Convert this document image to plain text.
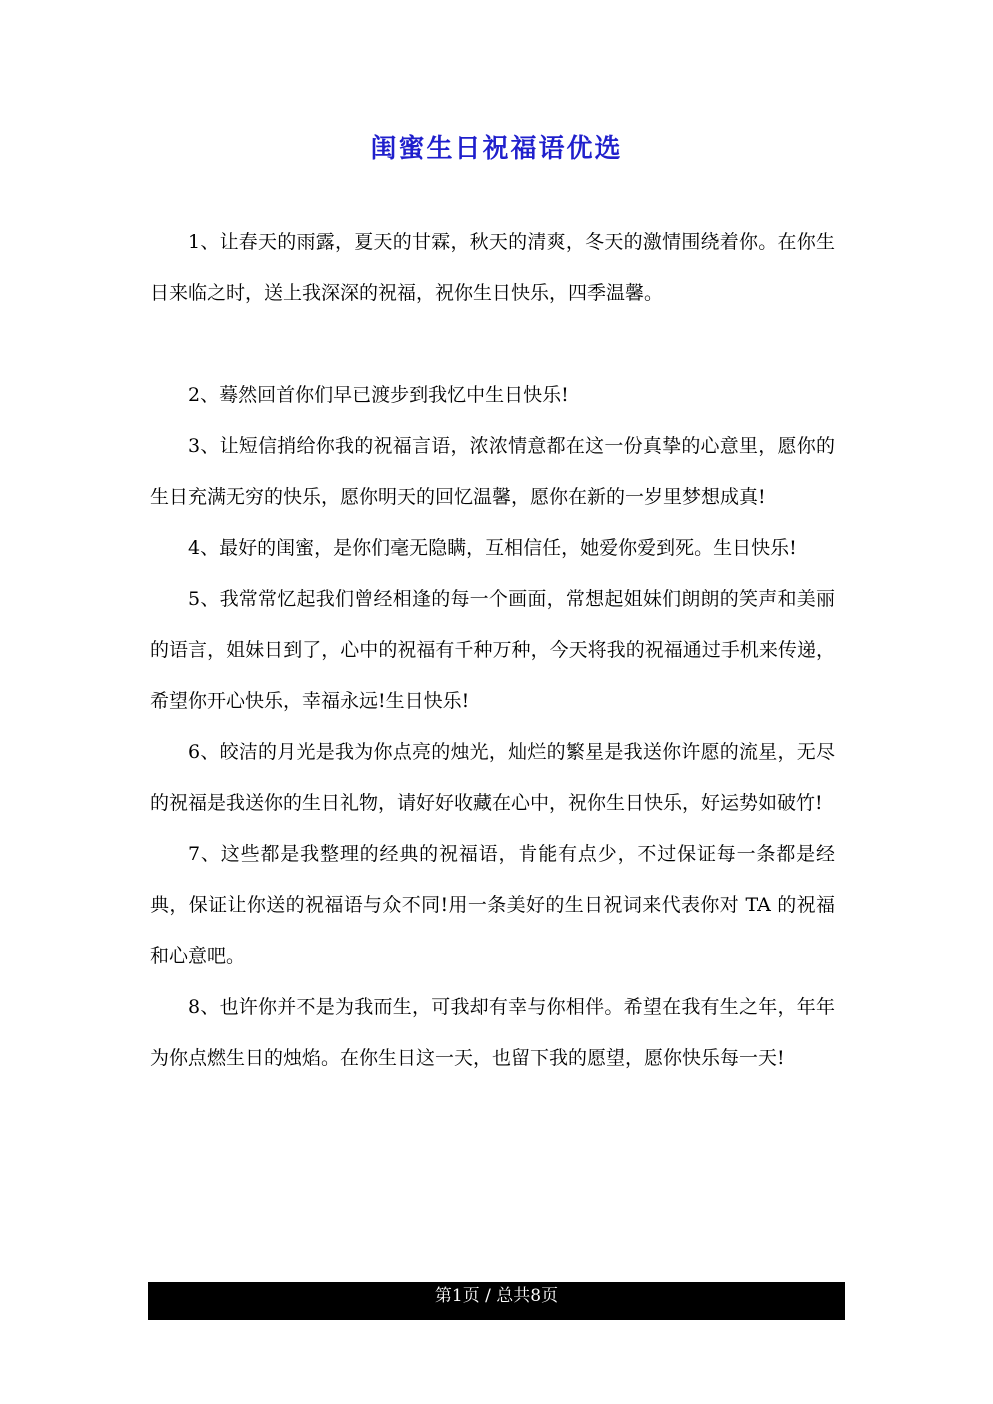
闺蜜生日祝福语优选

1、让春天的雨露，夏天的甘霖，秋天的清爽，冬天的激情围绕着你。在你生日来临之时，送上我深深的祝福，祝你生日快乐，四季温馨。

2、蓦然回首你们早已渡步到我忆中生日快乐!

3、让短信捎给你我的祝福言语，浓浓情意都在这一份真挚的心意里，愿你的生日充满无穷的快乐，愿你明天的回忆温馨，愿你在新的一岁里梦想成真!

4、最好的闺蜜，是你们毫无隐瞒，互相信任，她爱你爱到死。生日快乐!

5、我常常忆起我们曾经相逢的每一个画面，常想起姐妹们朗朗的笑声和美丽的语言，姐妹日到了，心中的祝福有千种万种，今天将我的祝福通过手机来传递，希望你开心快乐，幸福永远!生日快乐!

6、皎洁的月光是我为你点亮的烛光，灿烂的繁星是我送你许愿的流星，无尽的祝福是我送你的生日礼物，请好好收藏在心中，祝你生日快乐，好运势如破竹!

7、这些都是我整理的经典的祝福语，肯能有点少，不过保证每一条都是经典，保证让你送的祝福语与众不同!用一条美好的生日祝词来代表你对 TA 的祝福和心意吧。

8、也许你并不是为我而生，可我却有幸与你相伴。希望在我有生之年，年年为你点燃生日的烛焰。在你生日这一天，也留下我的愿望，愿你快乐每一天!

第1页 / 总共8页
